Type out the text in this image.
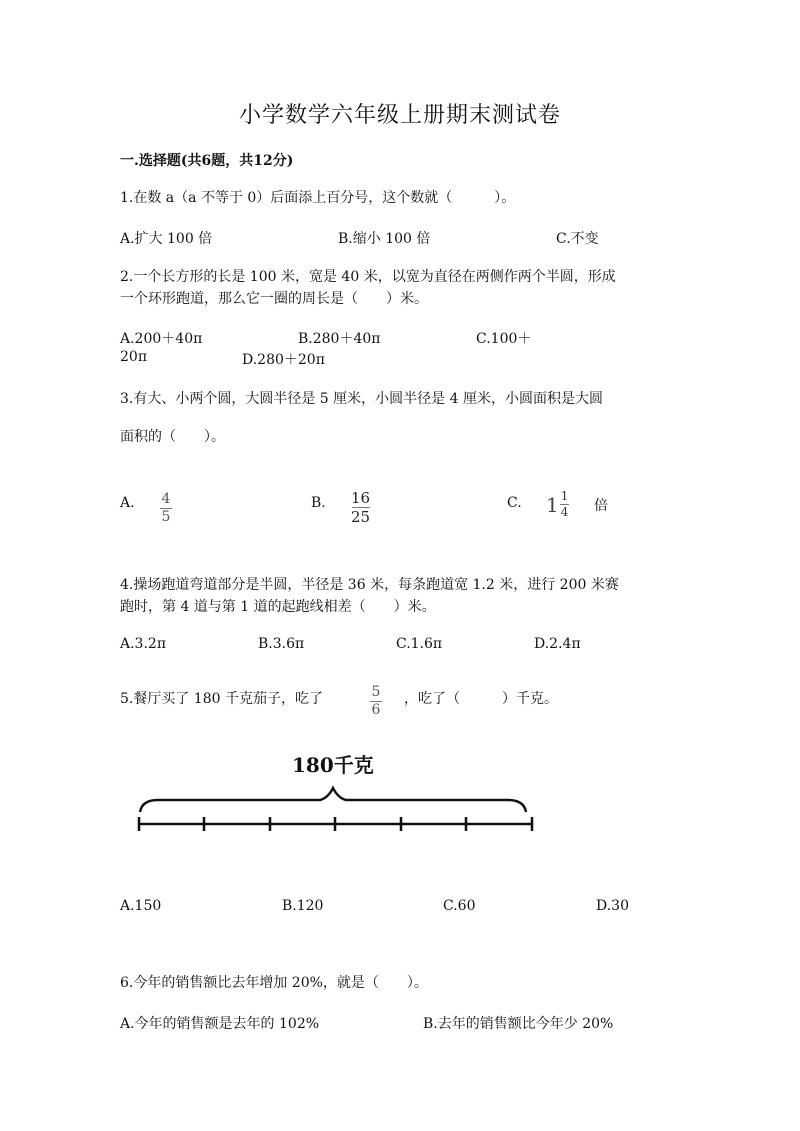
小学数学六年级上册期末测试卷
一.选择题(共6题，共12分)
1.在数 a（a 不等于 0）后面添上百分号，这个数就（　　　）。
A.扩大 100 倍	B.缩小 100 倍	C.不变
2.一个长方形的长是 100 米，宽是 40 米，以宽为直径在两侧作两个半圆，形成
一个环形跑道，那么它一圈的周长是（　　）米。
A.200＋40π	B.280＋40π	C.100＋
20π	D.280＋20π
3.有大、小两个圆，大圆半径是 5 厘米，小圆半径是 4 厘米，小圆面积是大圆
面积的（　　）。
A. $\frac{4}{5}$	B. $\frac{16}{25}$	C. $1 \frac{1}{4}$ 倍
4.操场跑道弯道部分是半圆，半径是 36 米，每条跑道宽 1.2 米，进行 200 米赛
跑时，第 4 道与第 1 道的起跑线相差（　　）米。
A.3.2π	B.3.6π	C.1.6π	D.2.4π
5.餐厅买了 180 千克茄子，吃了	$\frac{5}{6}$ ，吃了（　　　）千克。
180千克
A.150	B.120	C.60	D.30
6.今年的销售额比去年增加 20%，就是（　　）。
A.今年的销售额是去年的 102%	B.去年的销售额比今年少 20%
